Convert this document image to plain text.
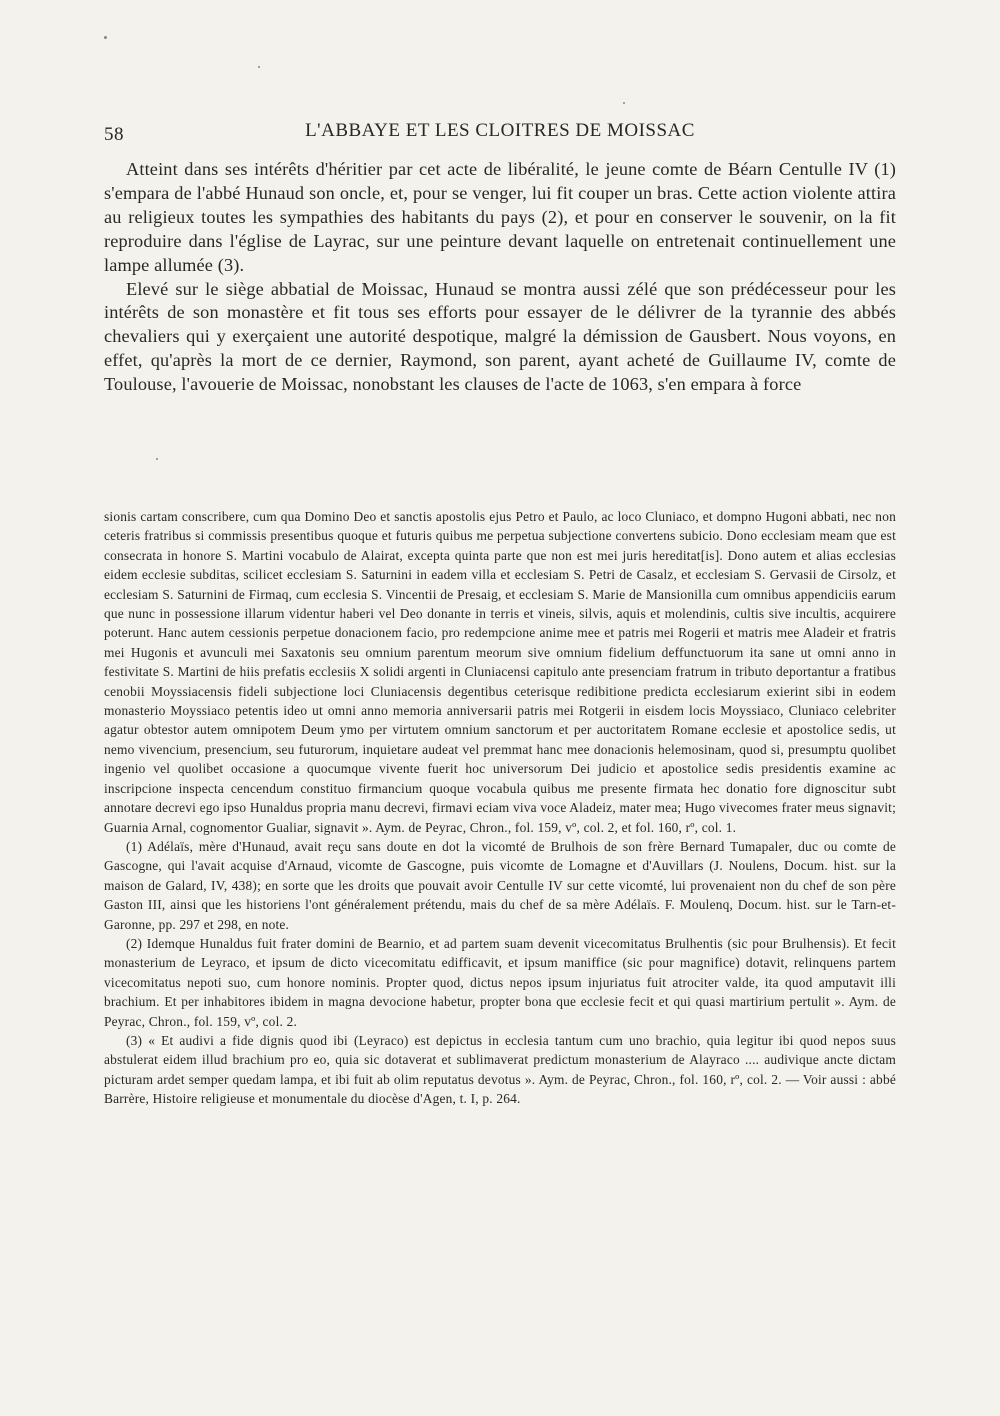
58	L'ABBAYE ET LES CLOITRES DE MOISSAC

Atteint dans ses intérêts d'héritier par cet acte de libéralité, le jeune comte de Béarn Centulle IV (1) s'empara de l'abbé Hunaud son oncle, et, pour se venger, lui fit couper un bras. Cette action violente attira au religieux toutes les sympathies des habitants du pays (2), et pour en conserver le souvenir, on la fit reproduire dans l'église de Layrac, sur une peinture devant laquelle on entretenait continuellement une lampe allumée (3).

Elevé sur le siège abbatial de Moissac, Hunaud se montra aussi zélé que son prédécesseur pour les intérêts de son monastère et fit tous ses efforts pour essayer de le délivrer de la tyrannie des abbés chevaliers qui y exerçaient une autorité despotique, malgré la démission de Gausbert. Nous voyons, en effet, qu'après la mort de ce dernier, Raymond, son parent, ayant acheté de Guillaume IV, comte de Toulouse, l'avouerie de Moissac, nonobstant les clauses de l'acte de 1063, s'en empara à force

sionis cartam conscribere, cum qua Domino Deo et sanctis apostolis ejus Petro et Paulo, ac loco Cluniaco, et dompno Hugoni abbati, nec non ceteris fratribus si commissis presentibus quoque et futuris quibus me perpetua subjectione convertens subicio. Dono ecclesiam meam que est consecrata in honore S. Martini vocabulo de Alairat, excepta quinta parte que non est mei juris hereditat[is]. Dono autem et alias ecclesias eidem ecclesie subditas, scilicet ecclesiam S. Saturnini in eadem villa et ecclesiam S. Petri de Casalz, et ecclesiam S. Gervasii de Cirsolz, et ecclesiam S. Saturnini de Firmaq, cum ecclesia S. Vincentii de Presaig, et ecclesiam S. Marie de Mansionilla cum omnibus appendiciis earum que nunc in possessione illarum videntur haberi vel Deo donante in terris et vineis, silvis, aquis et molendinis, cultis sive incultis, acquirere poterunt. Hanc autem cessionis perpetue donacionem facio, pro redempcione anime mee et patris mei Rogerii et matris mee Aladeir et fratris mei Hugonis et avunculi mei Saxatonis seu omnium parentum meorum sive omnium fidelium deffunctuorum ita sane ut omni anno in festivitate S. Martini de hiis prefatis ecclesiis X solidi argenti in Cluniacensi capitulo ante presenciam fratrum in tributo deportantur a fratibus cenobii Moyssiacensis fideli subjectione loci Cluniacensis degentibus ceterisque redibitione predicta ecclesiarum exierint sibi in eodem monasterio Moyssiaco petentis ideo ut omni anno memoria anniversarii patris mei Rotgerii in eisdem locis Moyssiaco, Cluniaco celebriter agatur obtestor autem omnipotem Deum ymo per virtutem omnium sanctorum et per auctoritatem Romane ecclesie et apostolice sedis, ut nemo vivencium, presencium, seu futurorum, inquietare audeat vel premmat hanc mee donacionis helemosinam, quod si, presumptu quolibet ingenio vel quolibet occasione a quocumque vivente fuerit hoc universorum Dei judicio et apostolice sedis presidentis examine ac inscripcione inspecta cencendum constituo firmancium quoque vocabula quibus me presente firmata hec donatio fore dignoscitur subt annotare decrevi ego ipso Hunaldus propria manu decrevi, firmavi eciam viva voce Aladeiz, mater mea; Hugo vivecomes frater meus signavit; Guarnia Arnal, cognomentor Gualiar, signavit ». Aym. de Peyrac, Chron., fol. 159, vº, col. 2, et fol. 160, rº, col. 1.

(1) Adélaïs, mère d'Hunaud, avait reçu sans doute en dot la vicomté de Brulhois de son frère Bernard Tumapaler, duc ou comte de Gascogne, qui l'avait acquise d'Arnaud, vicomte de Gascogne, puis vicomte de Lomagne et d'Auvillars (J. Noulens, Docum. hist. sur la maison de Galard, IV, 438); en sorte que les droits que pouvait avoir Centulle IV sur cette vicomté, lui provenaient non du chef de son père Gaston III, ainsi que les historiens l'ont généralement prétendu, mais du chef de sa mère Adélaïs. F. Moulenq, Docum. hist. sur le Tarn-et-Garonne, pp. 297 et 298, en note.

(2) Idemque Hunaldus fuit frater domini de Bearnio, et ad partem suam devenit vicecomitatus Brulhentis (sic pour Brulhensis). Et fecit monasterium de Leyraco, et ipsum de dicto vicecomitatu edifficavit, et ipsum maniffice (sic pour magnifice) dotavit, relinquens partem vicecomitatus nepoti suo, cum honore nominis. Propter quod, dictus nepos ipsum injuriatus fuit atrociter valde, ita quod amputavit illi brachium. Et per inhabitores ibidem in magna devocione habetur, propter bona que ecclesie fecit et qui quasi martirium pertulit ». Aym. de Peyrac, Chron., fol. 159, vº, col. 2.

(3) « Et audivi a fide dignis quod ibi (Leyraco) est depictus in ecclesia tantum cum uno brachio, quia legitur ibi quod nepos suus abstulerat eidem illud brachium pro eo, quia sic dotaverat et sublimaverat predictum monasterium de Alayraco .... audivique ancte dictam picturam ardet semper quedam lampa, et ibi fuit ab olim reputatus devotus ». Aym. de Peyrac, Chron., fol. 160, rº, col. 2. — Voir aussi : abbé Barrère, Histoire religieuse et monumentale du diocèse d'Agen, t. I, p. 264.
